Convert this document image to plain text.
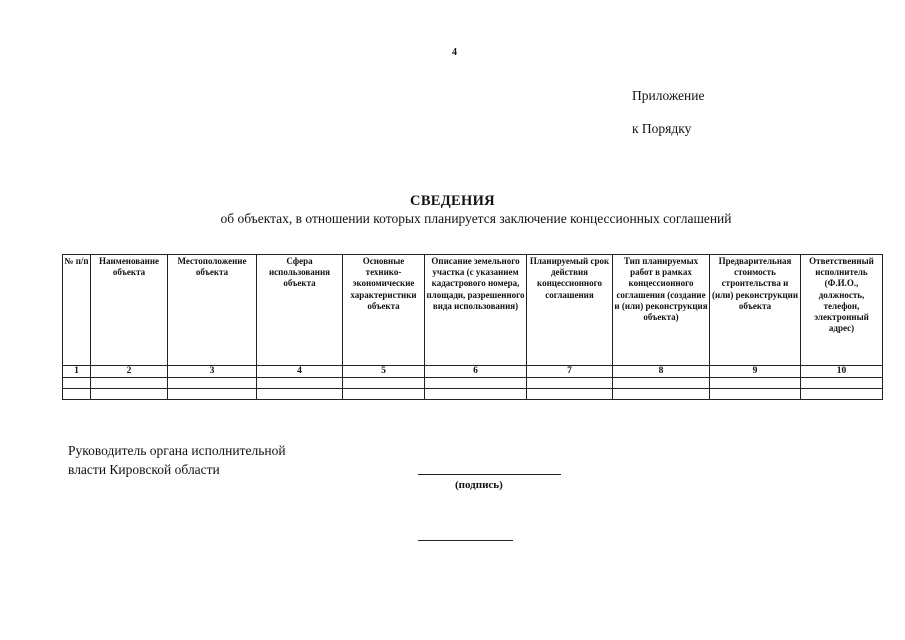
4
Приложение
к Порядку
СВЕДЕНИЯ
об объектах, в отношении которых планируется заключение концессионных соглашений
№ п/п	Наименование объекта	Местоположение объекта	Сфера использования объекта	Основные технико-экономические характеристики объекта	Описание земельного участка (с указанием кадастрового номера, площади, разрешенного вида использования)	Планируемый срок действия концессионного соглашения	Тип планируемых работ в рамках концессионного соглашения (создание и (или) реконструкция объекта)	Предварительная стоимость строительства и (или) реконструкции объекта	Ответственный исполнитель (Ф.И.О., должность, телефон, электронный адрес)
1	2	3	4	5	6	7	8	9	10

Руководитель органа исполнительной
власти Кировской области
(подпись)
